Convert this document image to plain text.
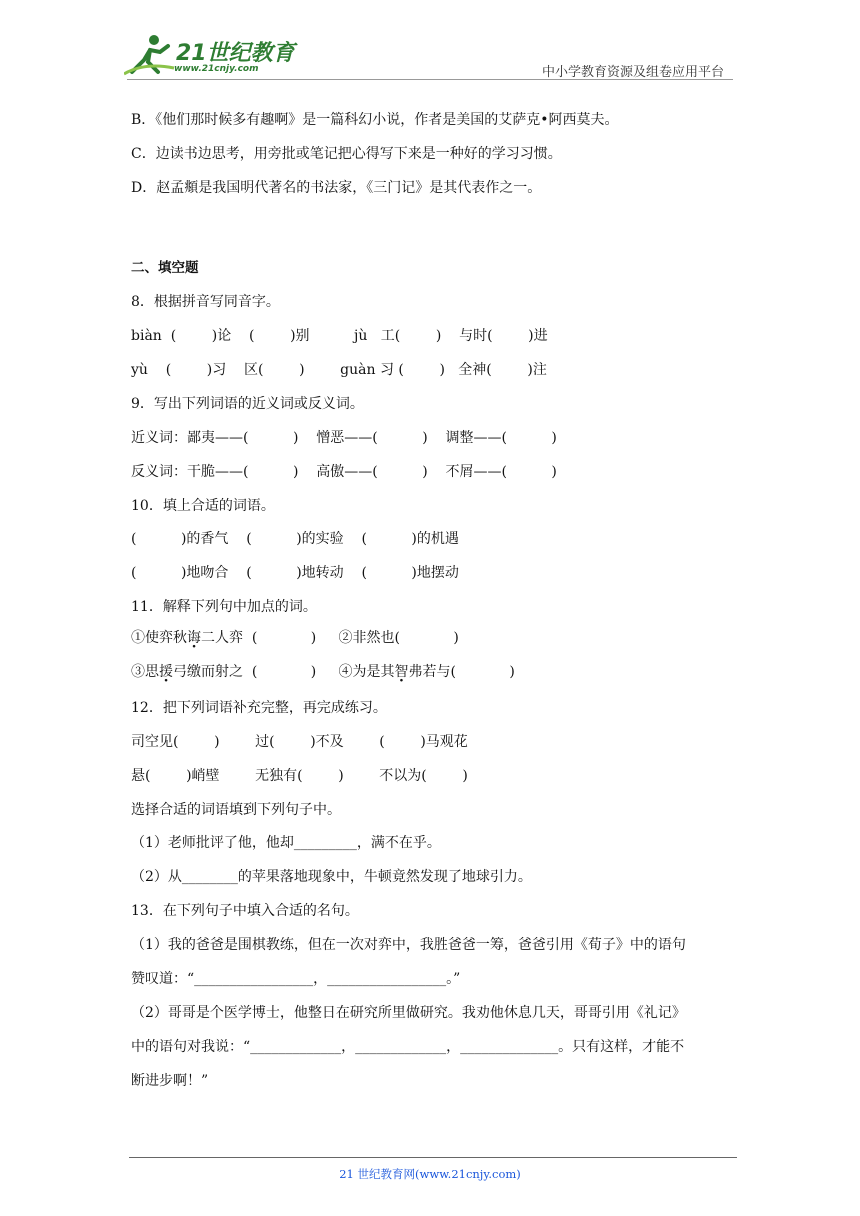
21世纪教育
www.21cnjy.com	中小学教育资源及组卷应用平台
B．《他们那时候多有趣啊》是一篇科幻小说，作者是美国的艾萨克•阿西莫夫。
C．边读书边思考，用旁批或笔记把心得写下来是一种好的学习习惯。
D．赵孟頫是我国明代著名的书法家，《三门记》是其代表作之一。
二、填空题
8．根据拼音写同音字。
biàn  (        )论    (        )别          jù   工(        )    与时(        )进
yù    (        )习    区(        )        guàn 习 (        )   全神(        )注
9．写出下列词语的近义词或反义词。
近义词：鄙夷——(          )    憎恶——(          )    调整——(          )
反义词：干脆——(          )    高傲——(          )    不屑——(          )
10．填上合适的词语。
(          )的香气    (          )的实验    (          )的机遇
(          )地吻合    (          )地转动    (          )地摆动
11．解释下列句中加点的词。
①使弈秋诲二人弈  (            )     ②非然也(            )
③思援弓缴而射之  (            )     ④为是其智弗若与(            )
12．把下列词语补充完整，再完成练习。
司空见(        )        过(        )不及        (        )马观花
悬(        )峭壁        无独有(        )        不以为(        )
选择合适的词语填到下列句子中。
（1）老师批评了他，他却_________，满不在乎。
（2）从________的苹果落地现象中，牛顿竟然发现了地球引力。
13．在下列句子中填入合适的名句。
（1）我的爸爸是围棋教练，但在一次对弈中，我胜爸爸一筹，爸爸引用《荀子》中的语句
赞叹道：“_________________，_________________。”
（2）哥哥是个医学博士，他整日在研究所里做研究。我劝他休息几天，哥哥引用《礼记》
中的语句对我说：“_____________，_____________，______________。只有这样，才能不
断进步啊！”
21 世纪教育网(www.21cnjy.com)
